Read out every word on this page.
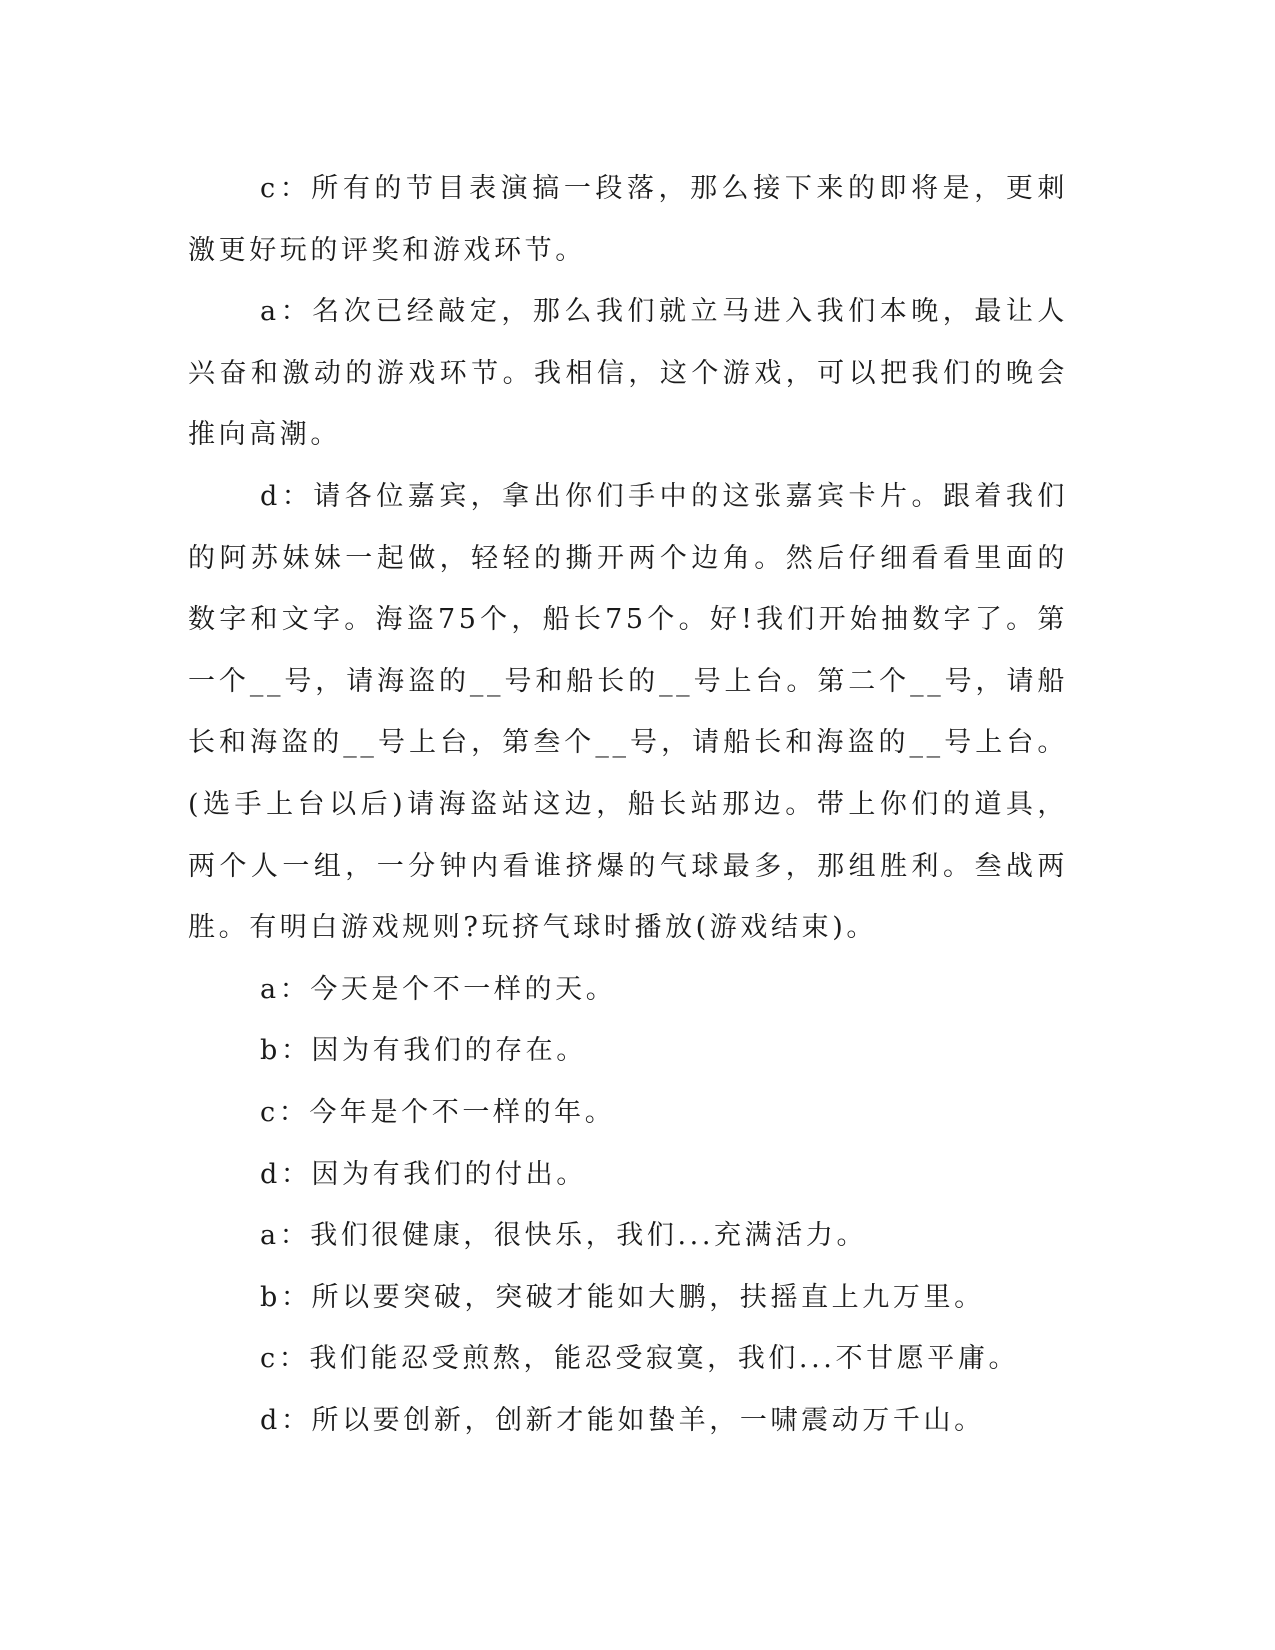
c：所有的节目表演搞一段落，那么接下来的即将是，更刺激更好玩的评奖和游戏环节。

a：名次已经敲定，那么我们就立马进入我们本晚，最让人兴奋和激动的游戏环节。我相信，这个游戏，可以把我们的晚会推向高潮。

d：请各位嘉宾，拿出你们手中的这张嘉宾卡片。跟着我们的阿苏妹妹一起做，轻轻的撕开两个边角。然后仔细看看里面的数字和文字。海盗75个，船长75个。好!我们开始抽数字了。第一个__号，请海盗的__号和船长的__号上台。第二个__号，请船长和海盗的__号上台，第叁个__号，请船长和海盗的__号上台。(选手上台以后)请海盗站这边，船长站那边。带上你们的道具，两个人一组，一分钟内看谁挤爆的气球最多，那组胜利。叁战两胜。有明白游戏规则?玩挤气球时播放(游戏结束)。

a：今天是个不一样的天。

b：因为有我们的存在。

c：今年是个不一样的年。

d：因为有我们的付出。

a：我们很健康，很快乐，我们...充满活力。

b：所以要突破，突破才能如大鹏，扶摇直上九万里。

c：我们能忍受煎熬，能忍受寂寞，我们...不甘愿平庸。

d：所以要创新，创新才能如蛰羊，一啸震动万千山。
